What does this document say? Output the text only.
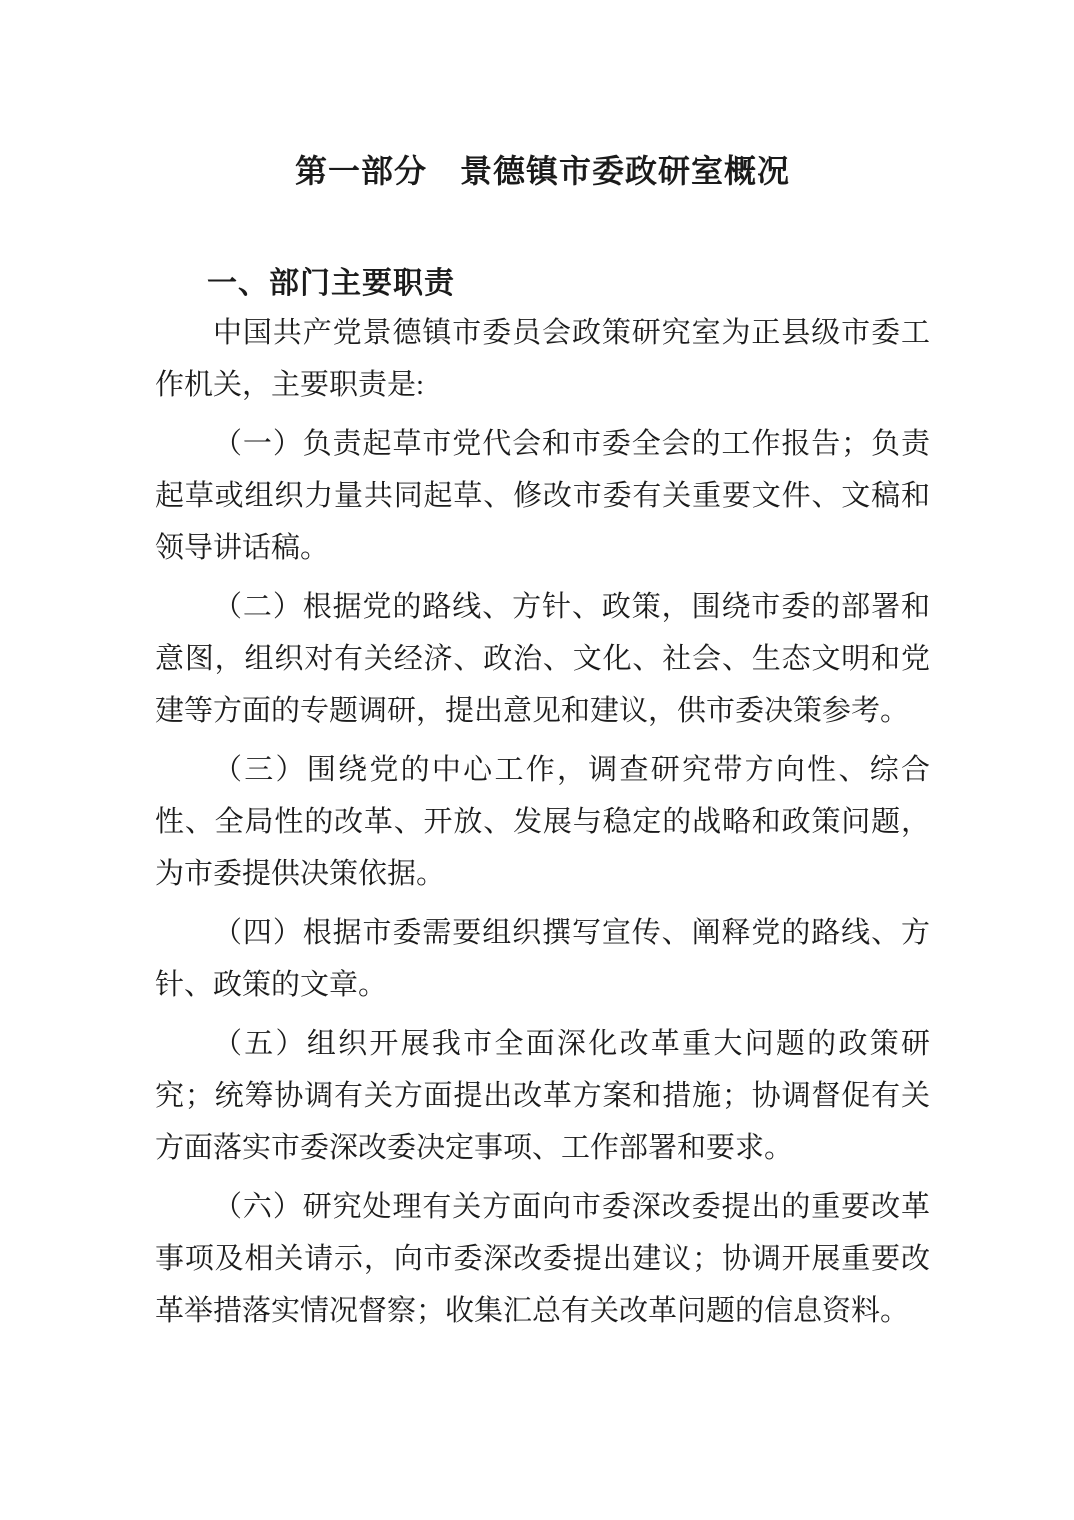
第一部分　景德镇市委政研室概况
一、部门主要职责

中国共产党景德镇市委员会政策研究室为正县级市委工作机关，主要职责是:

（一）负责起草市党代会和市委全会的工作报告；负责起草或组织力量共同起草、修改市委有关重要文件、文稿和领导讲话稿。

（二）根据党的路线、方针、政策，围绕市委的部署和意图，组织对有关经济、政治、文化、社会、生态文明和党建等方面的专题调研，提出意见和建议，供市委决策参考。

（三）围绕党的中心工作，调查研究带方向性、综合性、全局性的改革、开放、发展与稳定的战略和政策问题，为市委提供决策依据。

（四）根据市委需要组织撰写宣传、阐释党的路线、方针、政策的文章。

（五）组织开展我市全面深化改革重大问题的政策研究；统筹协调有关方面提出改革方案和措施；协调督促有关方面落实市委深改委决定事项、工作部署和要求。

（六）研究处理有关方面向市委深改委提出的重要改革事项及相关请示，向市委深改委提出建议；协调开展重要改革举措落实情况督察；收集汇总有关改革问题的信息资料。
